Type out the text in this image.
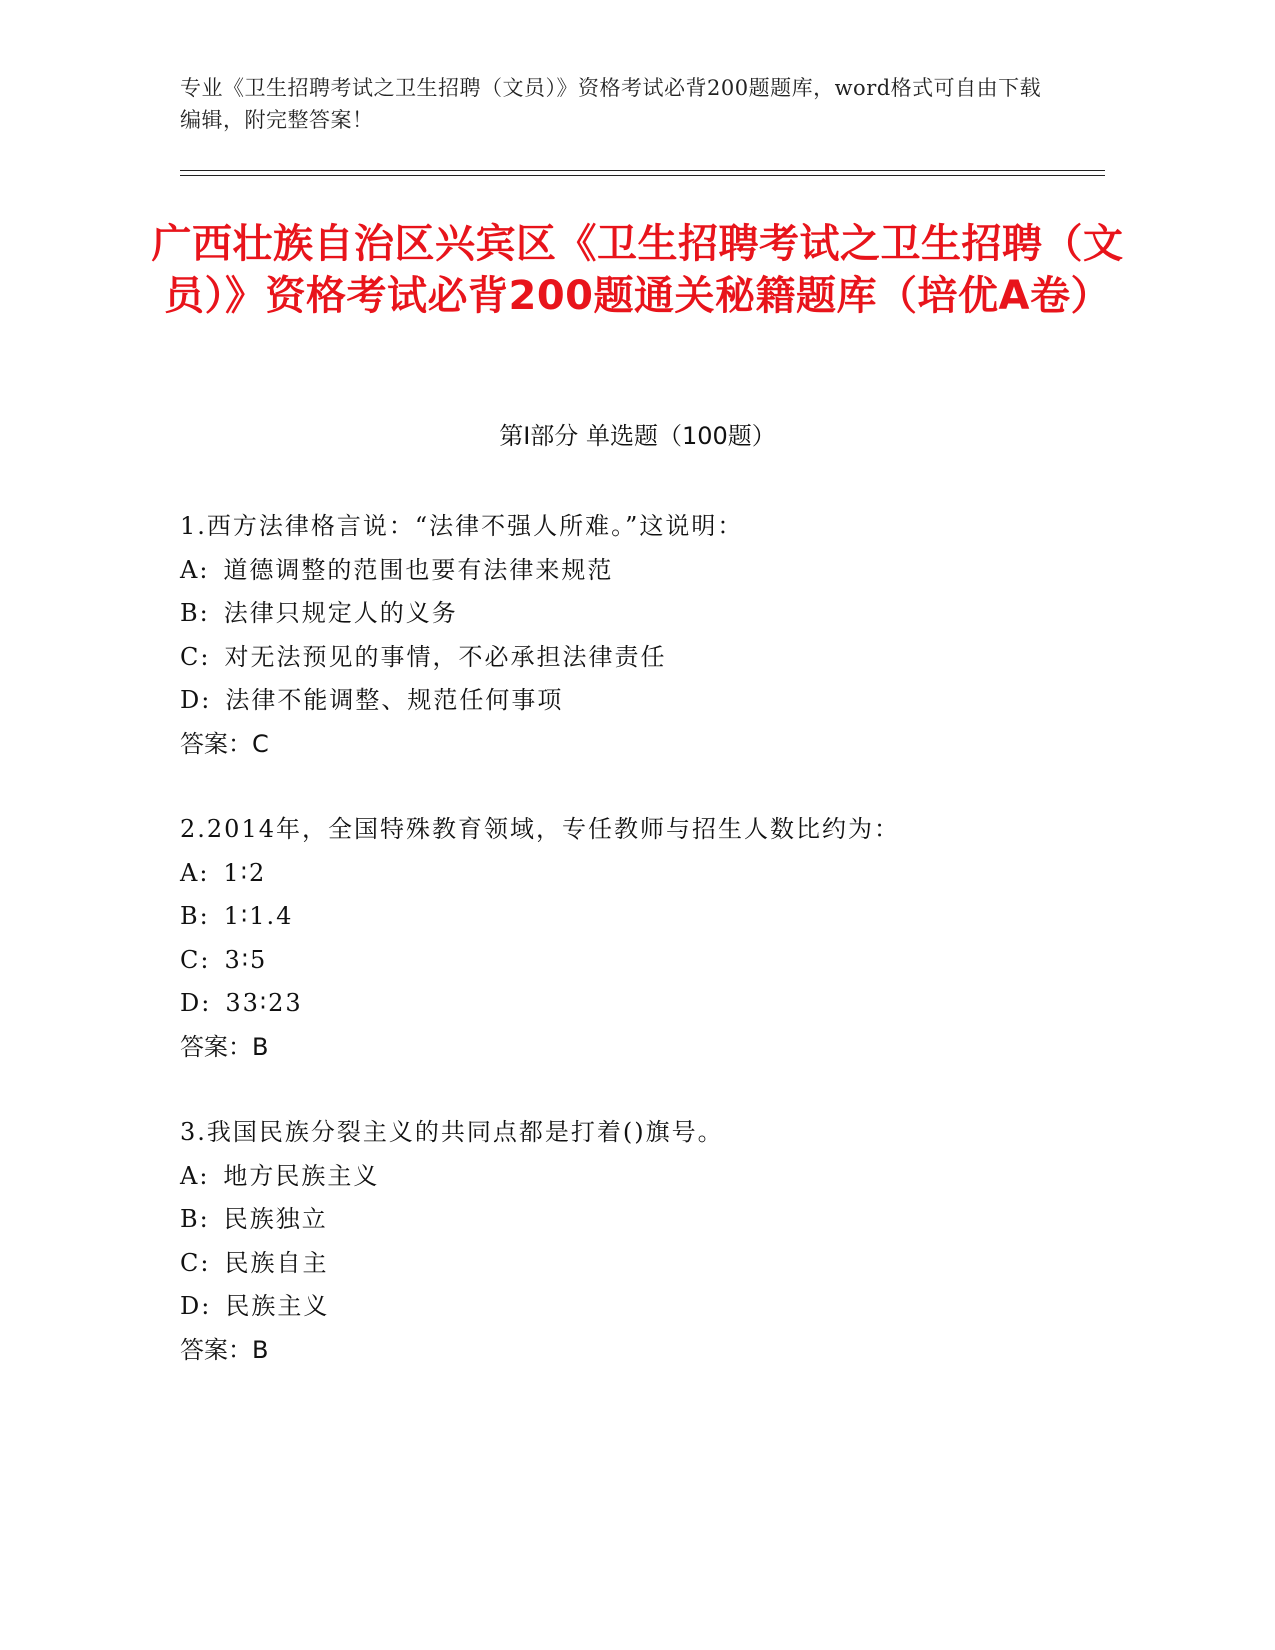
专业《卫生招聘考试之卫生招聘（文员）》资格考试必背200题题库，word格式可自由下载编辑，附完整答案！
广西壮族自治区兴宾区《卫生招聘考试之卫生招聘（文员）》资格考试必背200题通关秘籍题库（培优A卷）
第Ⅰ部分 单选题（100题）
1.西方法律格言说：“法律不强人所难。”这说明：
A: 道德调整的范围也要有法律来规范
B: 法律只规定人的义务
C: 对无法预见的事情，不必承担法律责任
D: 法律不能调整、规范任何事项
答案：C
2.2014年，全国特殊教育领域，专任教师与招生人数比约为：
A: 1∶2
B: 1∶1.4
C: 3∶5
D: 33∶23
答案：B
3.我国民族分裂主义的共同点都是打着()旗号。
A: 地方民族主义
B: 民族独立
C: 民族自主
D: 民族主义
答案：B
